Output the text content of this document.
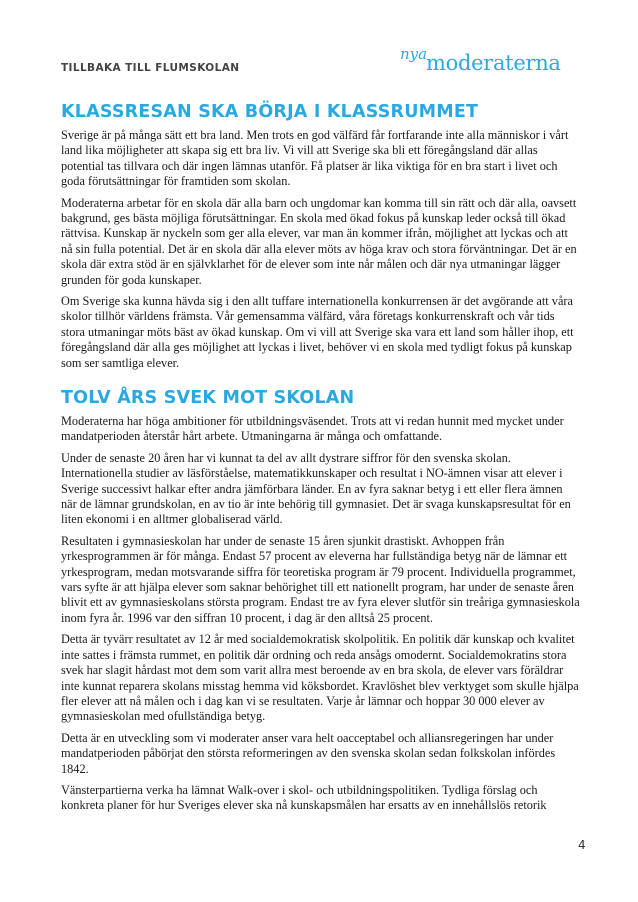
TILLBAKA TILL FLUMSKOLAN
nya
moderaterna
KLASSRESAN SKA BÖRJA I KLASSRUMMET

Sverige är på många sätt ett bra land. Men trots en god välfärd får fortfarande inte alla människor i vårt land lika möjligheter att skapa sig ett bra liv. Vi vill att Sverige ska bli ett föregångsland där allas potential tas tillvara och där ingen lämnas utanför. Få platser är lika viktiga för en bra start i livet och goda förutsättningar för framtiden som skolan.

Moderaterna arbetar för en skola där alla barn och ungdomar kan komma till sin rätt och där alla, oavsett bakgrund, ges bästa möjliga förutsättningar. En skola med ökad fokus på kunskap leder också till ökad rättvisa. Kunskap är nyckeln som ger alla elever, var man än kommer ifrån, möjlighet att lyckas och att nå sin fulla potential. Det är en skola där alla elever möts av höga krav och stora förväntningar. Det är en skola där extra stöd är en självklarhet för de elever som inte når målen och där nya utmaningar lägger grunden för goda kunskaper.

Om Sverige ska kunna hävda sig i den allt tuffare internationella konkurrensen är det avgörande att våra skolor tillhör världens främsta. Vår gemensamma välfärd, våra företags konkurrenskraft och vår tids stora utmaningar möts bäst av ökad kunskap. Om vi vill att Sverige ska vara ett land som håller ihop, ett föregångsland där alla ges möjlighet att lyckas i livet, behöver vi en skola med tydligt fokus på kunskap som ser samtliga elever.

TOLV ÅRS SVEK MOT SKOLAN

Moderaterna har höga ambitioner för utbildningsväsendet. Trots att vi redan hunnit med mycket under mandatperioden återstår hårt arbete. Utmaningarna är många och omfattande.

Under de senaste 20 åren har vi kunnat ta del av allt dystrare siffror för den svenska skolan. Internationella studier av läsförståelse, matematikkunskaper och resultat i NO-ämnen visar att elever i Sverige successivt halkar efter andra jämförbara länder. En av fyra saknar betyg i ett eller flera ämnen när de lämnar grundskolan, en av tio är inte behörig till gymnasiet. Det är svaga kunskapsresultat för en liten ekonomi i en alltmer globaliserad värld.

Resultaten i gymnasieskolan har under de senaste 15 åren sjunkit drastiskt. Avhoppen från yrkesprogrammen är för många. Endast 57 procent av eleverna har fullständiga betyg när de lämnar ett yrkesprogram, medan motsvarande siffra för teoretiska program är 79 procent. Individuella programmet, vars syfte är att hjälpa elever som saknar behörighet till ett nationellt program, har under de senaste åren blivit ett av gymnasieskolans största program. Endast tre av fyra elever slutför sin treåriga gymnasieskola inom fyra år. 1996 var den siffran 10 procent, i dag är den alltså 25 procent.

Detta är tyvärr resultatet av 12 år med socialdemokratisk skolpolitik. En politik där kunskap och kvalitet inte sattes i främsta rummet, en politik där ordning och reda ansågs omodernt. Socialdemokratins stora svek har slagit hårdast mot dem som varit allra mest beroende av en bra skola, de elever vars föräldrar inte kunnat reparera skolans misstag hemma vid köksbordet. Kravlöshet blev verktyget som skulle hjälpa fler elever att nå målen och i dag kan vi se resultaten. Varje år lämnar och hoppar 30 000 elever av gymnasieskolan med ofullständiga betyg.

Detta är en utveckling som vi moderater anser vara helt oacceptabel och alliansregeringen har under mandatperioden påbörjat den största reformeringen av den svenska skolan sedan folkskolan infördes 1842.

Vänsterpartierna verka ha lämnat Walk-over i skol- och utbildningspolitiken. Tydliga förslag och konkreta planer för hur Sveriges elever ska nå kunskapsmålen har ersatts av en innehållslös retorik

4
